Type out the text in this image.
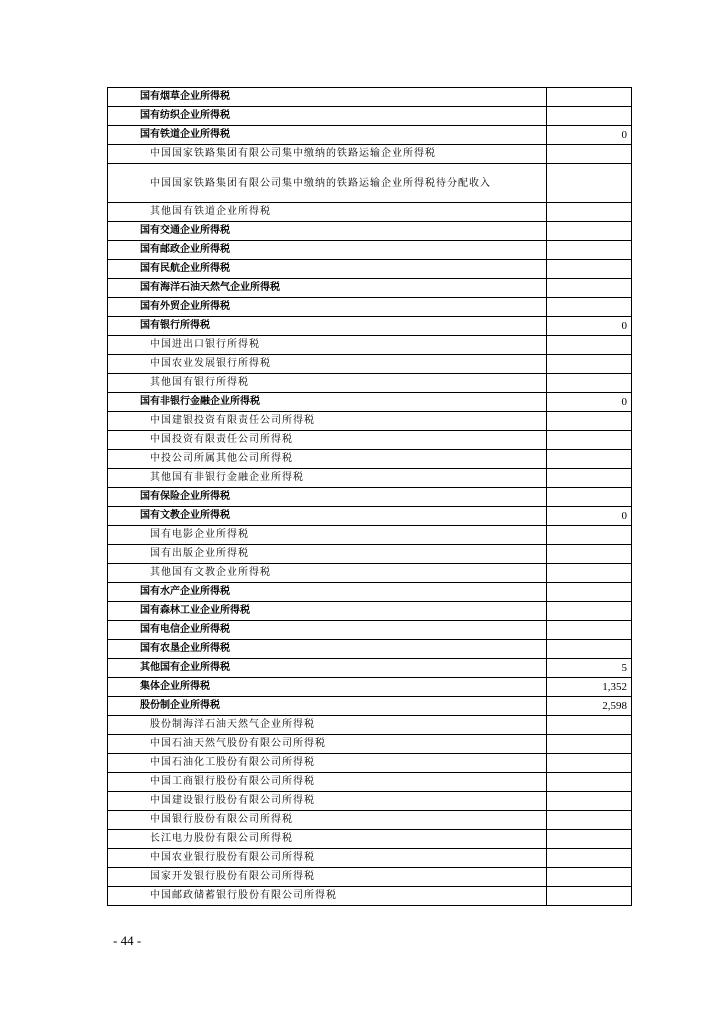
国有烟草企业所得税	
国有纺织企业所得税	
国有铁道企业所得税	0
中国国家铁路集团有限公司集中缴纳的铁路运输企业所得税	
中国国家铁路集团有限公司集中缴纳的铁路运输企业所得税待分配收入	
其他国有铁道企业所得税	
国有交通企业所得税	
国有邮政企业所得税	
国有民航企业所得税	
国有海洋石油天然气企业所得税	
国有外贸企业所得税	
国有银行所得税	0
中国进出口银行所得税	
中国农业发展银行所得税	
其他国有银行所得税	
国有非银行金融企业所得税	0
中国建银投资有限责任公司所得税	
中国投资有限责任公司所得税	
中投公司所属其他公司所得税	
其他国有非银行金融企业所得税	
国有保险企业所得税	
国有文教企业所得税	0
国有电影企业所得税	
国有出版企业所得税	
其他国有文教企业所得税	
国有水产企业所得税	
国有森林工业企业所得税	
国有电信企业所得税	
国有农垦企业所得税	
其他国有企业所得税	5
集体企业所得税	1,352
股份制企业所得税	2,598
股份制海洋石油天然气企业所得税	
中国石油天然气股份有限公司所得税	
中国石油化工股份有限公司所得税	
中国工商银行股份有限公司所得税	
中国建设银行股份有限公司所得税	
中国银行股份有限公司所得税	
长江电力股份有限公司所得税	
中国农业银行股份有限公司所得税	
国家开发银行股份有限公司所得税	
中国邮政储蓄银行股份有限公司所得税	
- 44 -
